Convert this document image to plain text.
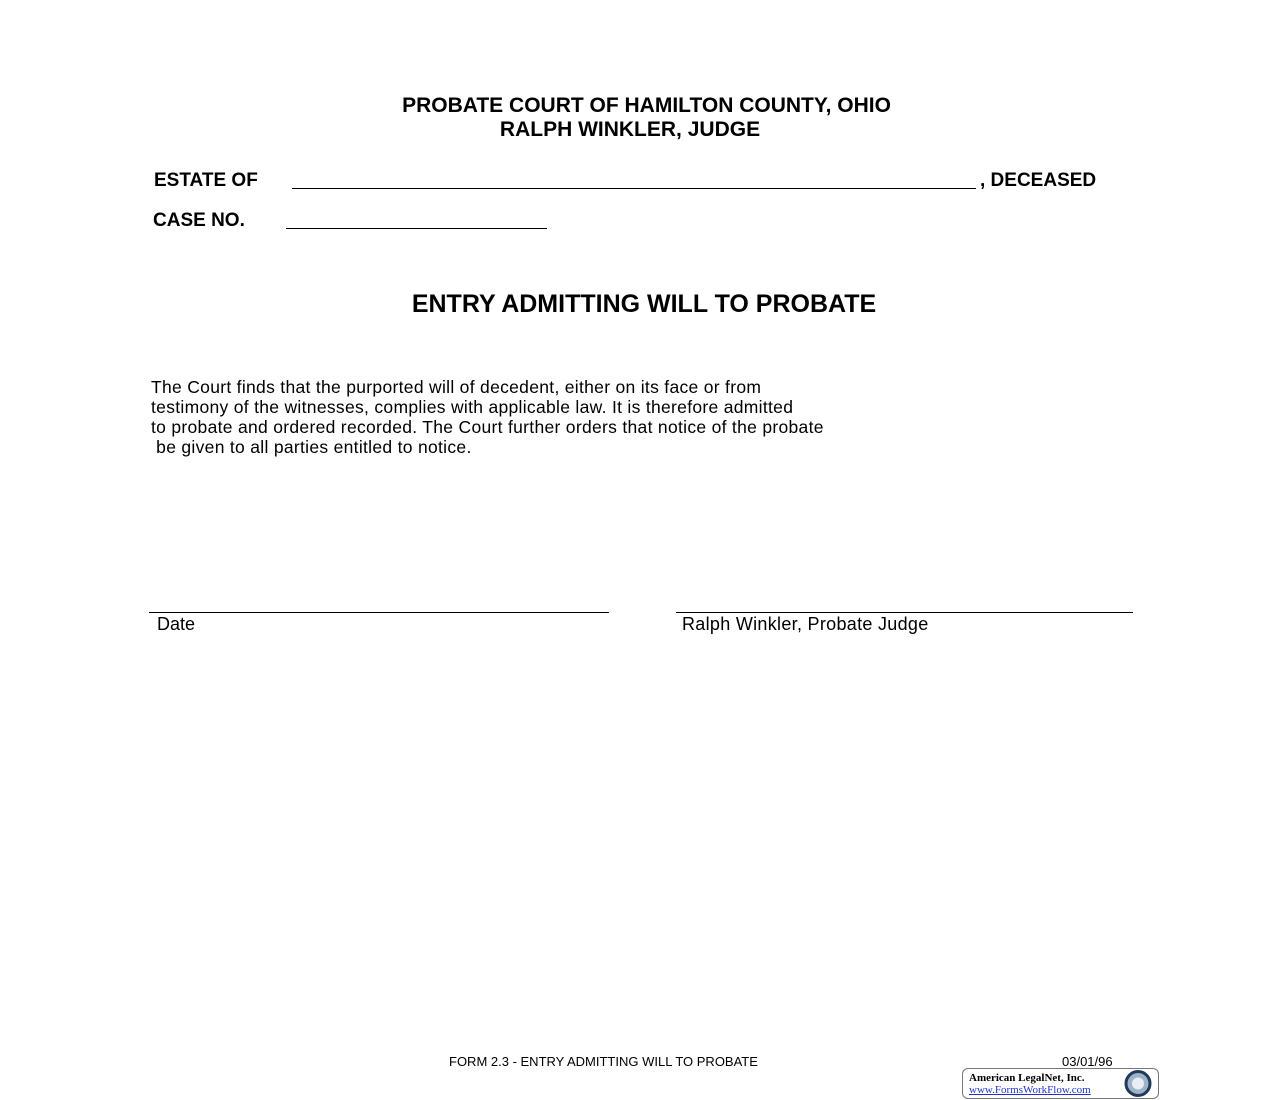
PROBATE COURT OF HAMILTON COUNTY, OHIO
RALPH WINKLER, JUDGE
ESTATE OF	, DECEASED
CASE NO.
ENTRY ADMITTING WILL TO PROBATE

The Court finds that the purported will of decedent, either on its face or from

testimony of the witnesses, complies with applicable law. It is therefore admitted

to probate and ordered recorded. The Court further orders that notice of the probate

be given to all parties entitled to notice.

Date	Ralph Winkler, Probate Judge
FORM 2.3 - ENTRY ADMITTING WILL TO PROBATE	03/01/96
American LegalNet, Inc.
www.FormsWorkFlow.com
